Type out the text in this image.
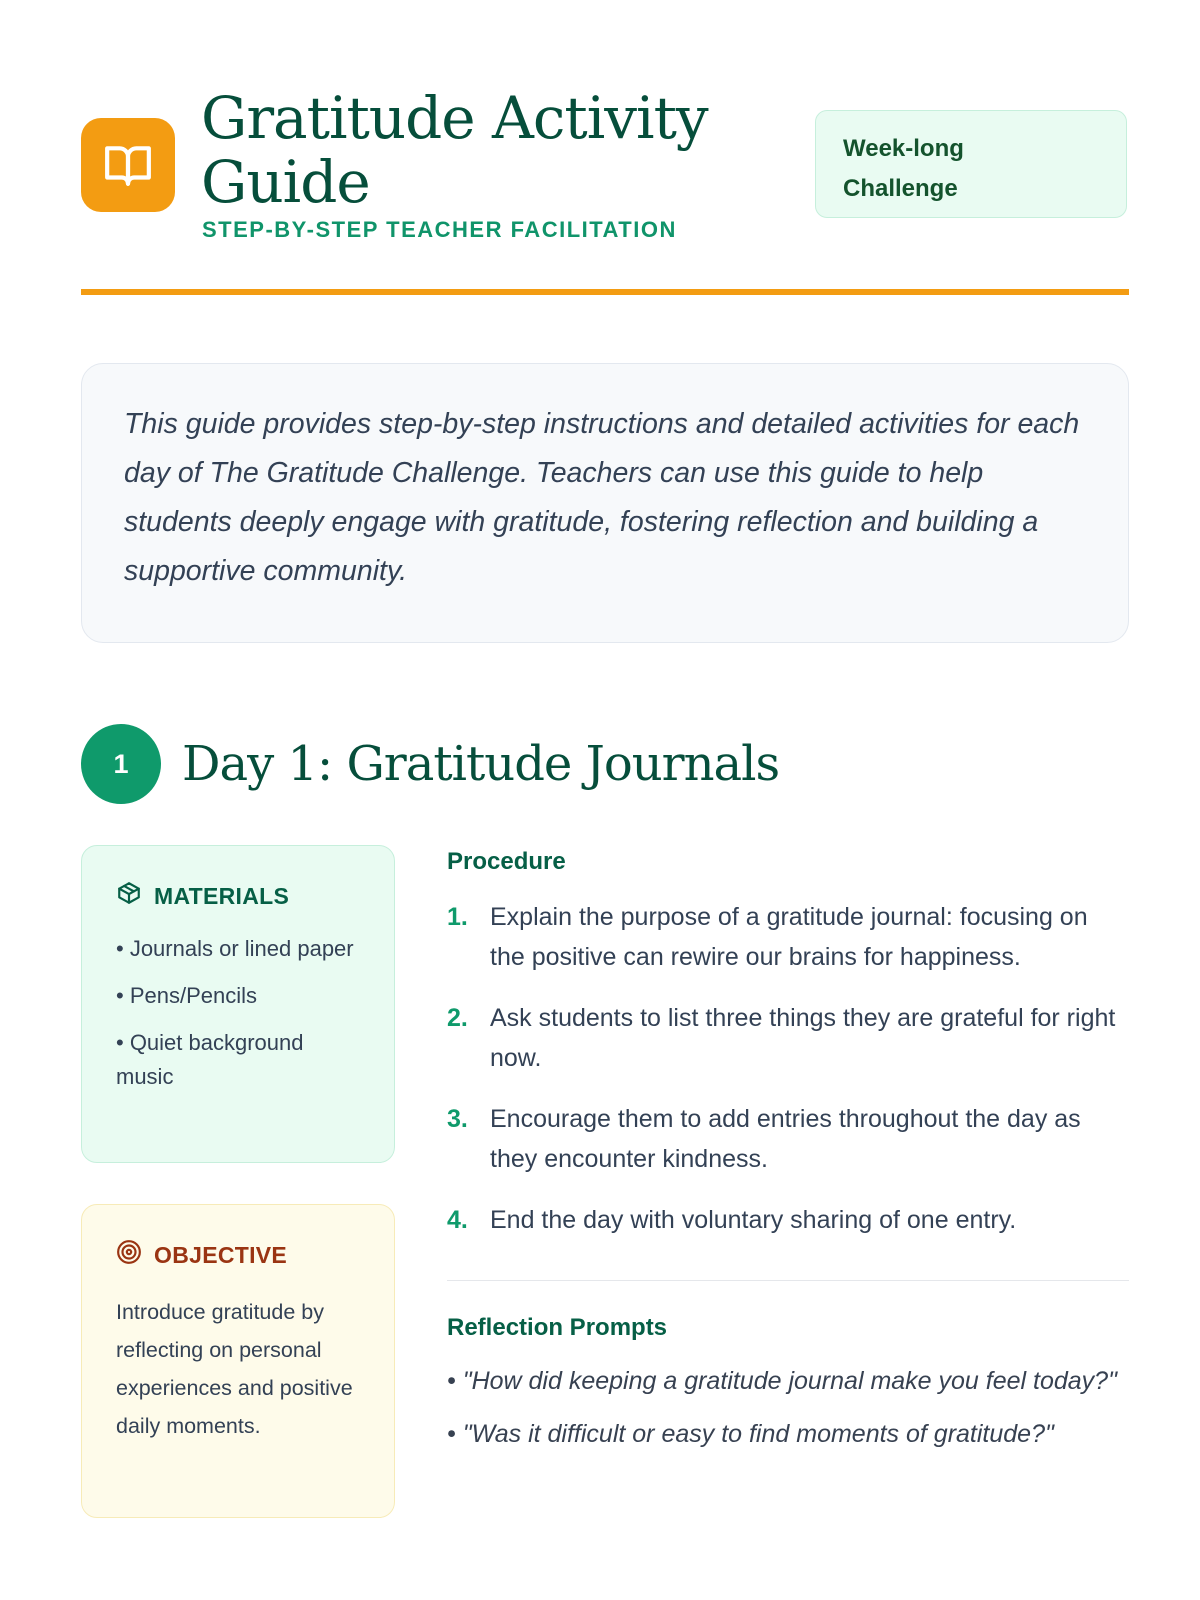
Gratitude Activity Guide
STEP-BY-STEP TEACHER FACILITATION
Week-long
Challenge
This guide provides step-by-step instructions and detailed activities for each day of The Gratitude Challenge. Teachers can use this guide to help students deeply engage with gratitude, fostering reflection and building a supportive community.
1	Day 1: Gratitude Journals
MATERIALS
• Journals or lined paper
• Pens/Pencils
• Quiet background music
OBJECTIVE
Introduce gratitude by reflecting on personal experiences and positive daily moments.
Procedure
1. Explain the purpose of a gratitude journal: focusing on the positive can rewire our brains for happiness.
2. Ask students to list three things they are grateful for right now.
3. Encourage them to add entries throughout the day as they encounter kindness.
4. End the day with voluntary sharing of one entry.
Reflection Prompts
• "How did keeping a gratitude journal make you feel today?"
• "Was it difficult or easy to find moments of gratitude?"
